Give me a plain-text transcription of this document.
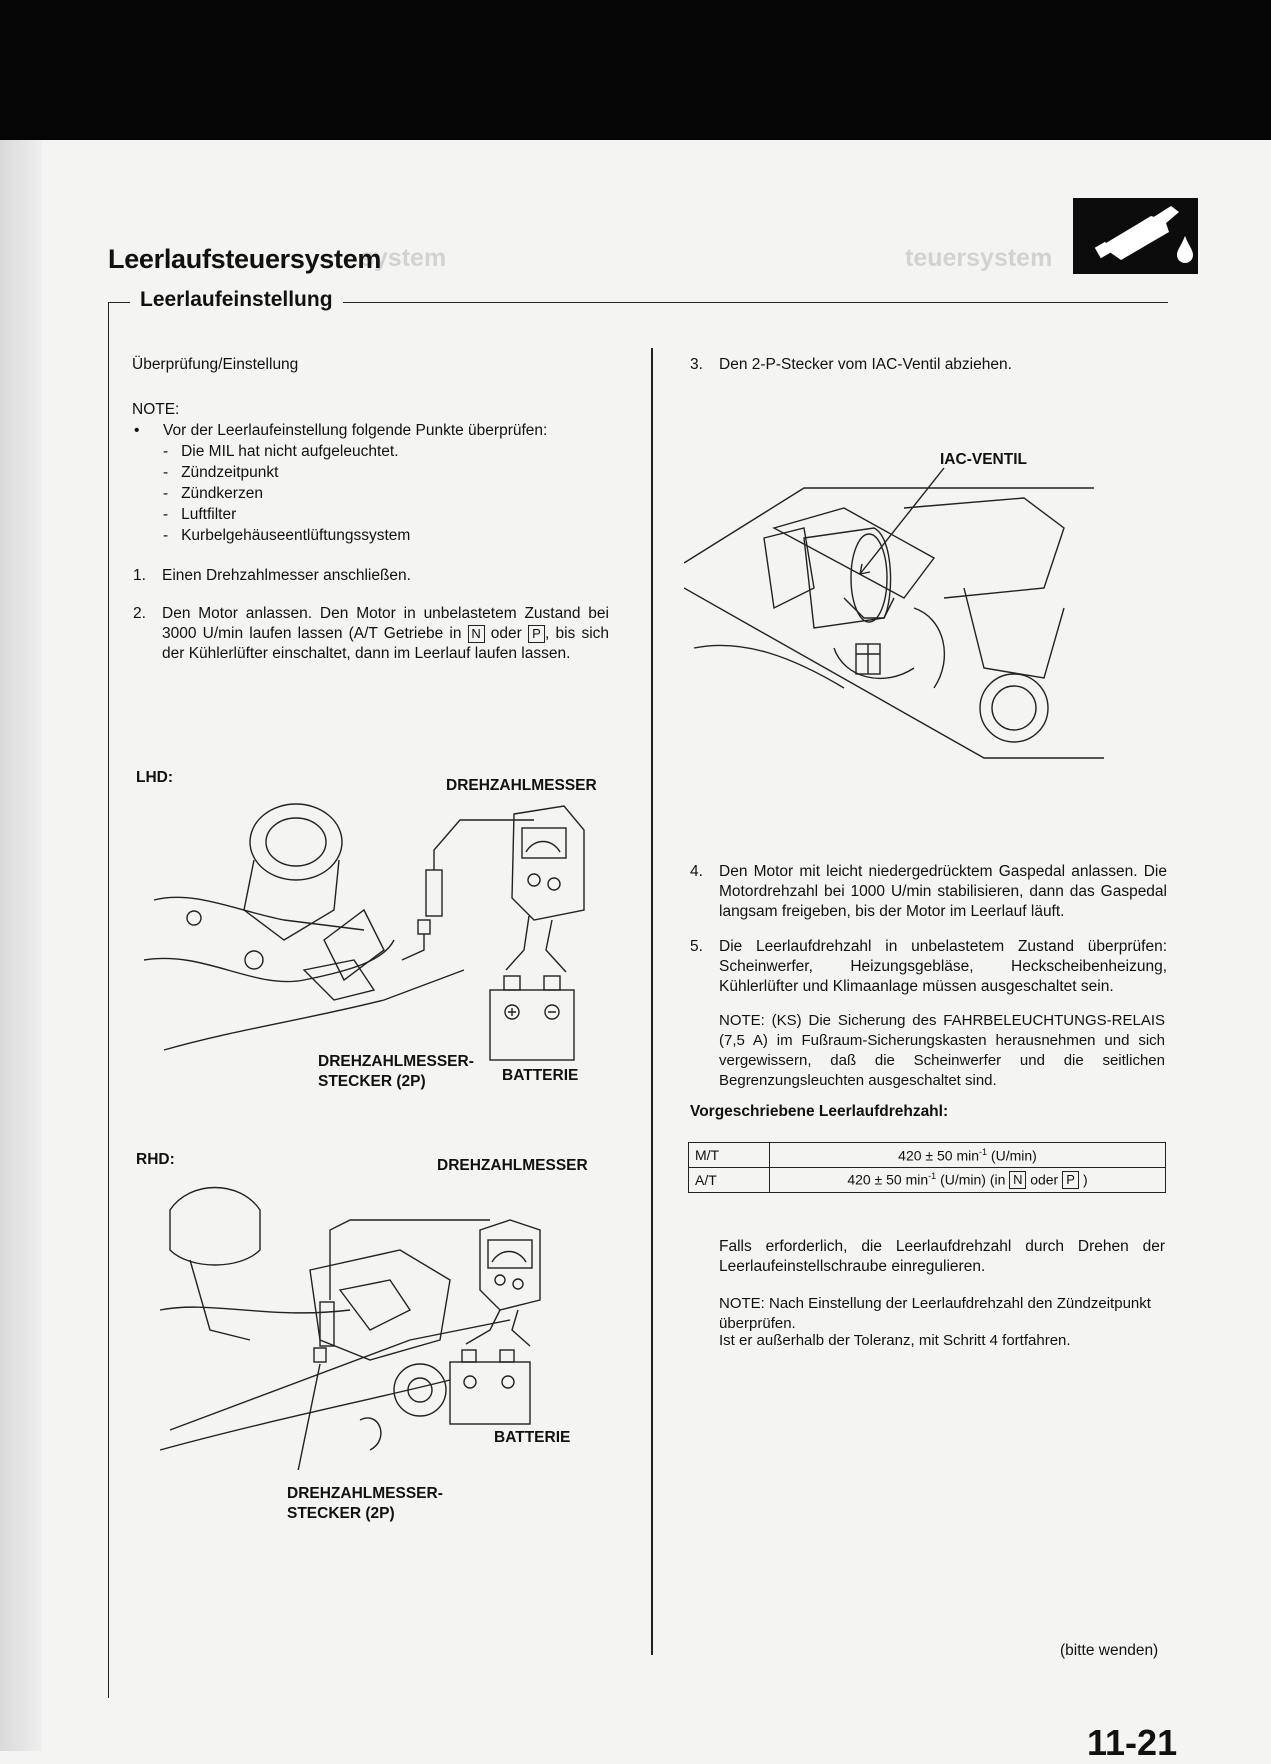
system	teuersystem
Leerlaufsteuersystem
Leerlaufeinstellung
Überprüfung/Einstellung
NOTE:
• Vor der Leerlaufeinstellung folgende Punkte überprüfen:
-   Die MIL hat nicht aufgeleuchtet.
-   Zündzeitpunkt
-   Zündkerzen
-   Luftfilter
-   Kurbelgehäuseentlüftungssystem
1. Einen Drehzahlmesser anschließen.
2. Den Motor anlassen. Den Motor in unbelastetem Zustand bei 3000 U/min laufen lassen (A/T Getriebe in N oder P , bis sich der Kühlerlüfter einschaltet, dann im Leerlauf laufen lassen.
LHD:	DREHZAHLMESSER
DREHZAHLMESSER-
STECKER (2P)	BATTERIE
RHD:	DREHZAHLMESSER
BATTERIE
DREHZAHLMESSER-
STECKER (2P)
3. Den 2-P-Stecker vom IAC-Ventil abziehen.
IAC-VENTIL
4. Den Motor mit leicht niedergedrücktem Gaspedal anlassen. Die Motordrehzahl bei 1000 U/min stabilisieren, dann das Gaspedal langsam freigeben, bis der Motor im Leerlauf läuft.
5. Die Leerlaufdrehzahl in unbelastetem Zustand überprüfen: Scheinwerfer, Heizungsgebläse, Heckscheibenheizung, Kühlerlüfter und Klimaanlage müssen ausgeschaltet sein.
NOTE: (KS) Die Sicherung des FAHRBELEUCHTUNGS-RELAIS (7,5 A) im Fußraum-Sicherungskasten herausnehmen und sich vergewissern, daß die Scheinwerfer und die seitlichen Begrenzungsleuchten ausgeschaltet sind.
Vorgeschriebene Leerlaufdrehzahl:
M/T	420 ± 50 $\min^{-1} (U/\min)$
A/T	420 ± 50 $\min^{-1} (U/\min)$ (in N oder P )
Falls erforderlich, die Leerlaufdrehzahl durch Drehen der Leerlaufeinstellschraube einregulieren.
NOTE: Nach Einstellung der Leerlaufdrehzahl den Zündzeitpunkt überprüfen.
Ist er außerhalb der Toleranz, mit Schritt 4 fortfahren.
(bitte wenden)
11-21
